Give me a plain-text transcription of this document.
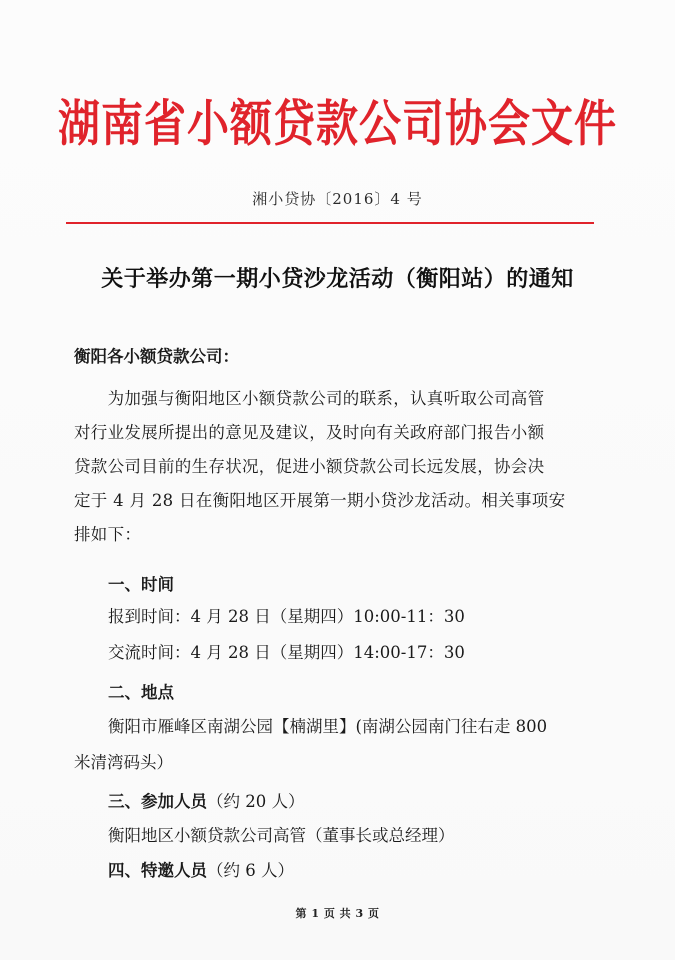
湖南省小额贷款公司协会文件
湘小贷协〔2016〕4 号
关于举办第一期小贷沙龙活动（衡阳站）的通知
衡阳各小额贷款公司：
　　为加强与衡阳地区小额贷款公司的联系，认真听取公司高管
对行业发展所提出的意见及建议，及时向有关政府部门报告小额
贷款公司目前的生存状况，促进小额贷款公司长远发展，协会决
定于 4 月 28 日在衡阳地区开展第一期小贷沙龙活动。相关事项安
排如下：
一、时间
报到时间：4 月 28 日（星期四）10:00-11：30
交流时间：4 月 28 日（星期四）14:00-17：30
二、地点
衡阳市雁峰区南湖公园【楠湖里】(南湖公园南门往右走 800
米清湾码头）
三、参加人员（约 20 人）
衡阳地区小额贷款公司高管（董事长或总经理）
四、特邀人员（约 6 人）
第 1 页 共 3 页
